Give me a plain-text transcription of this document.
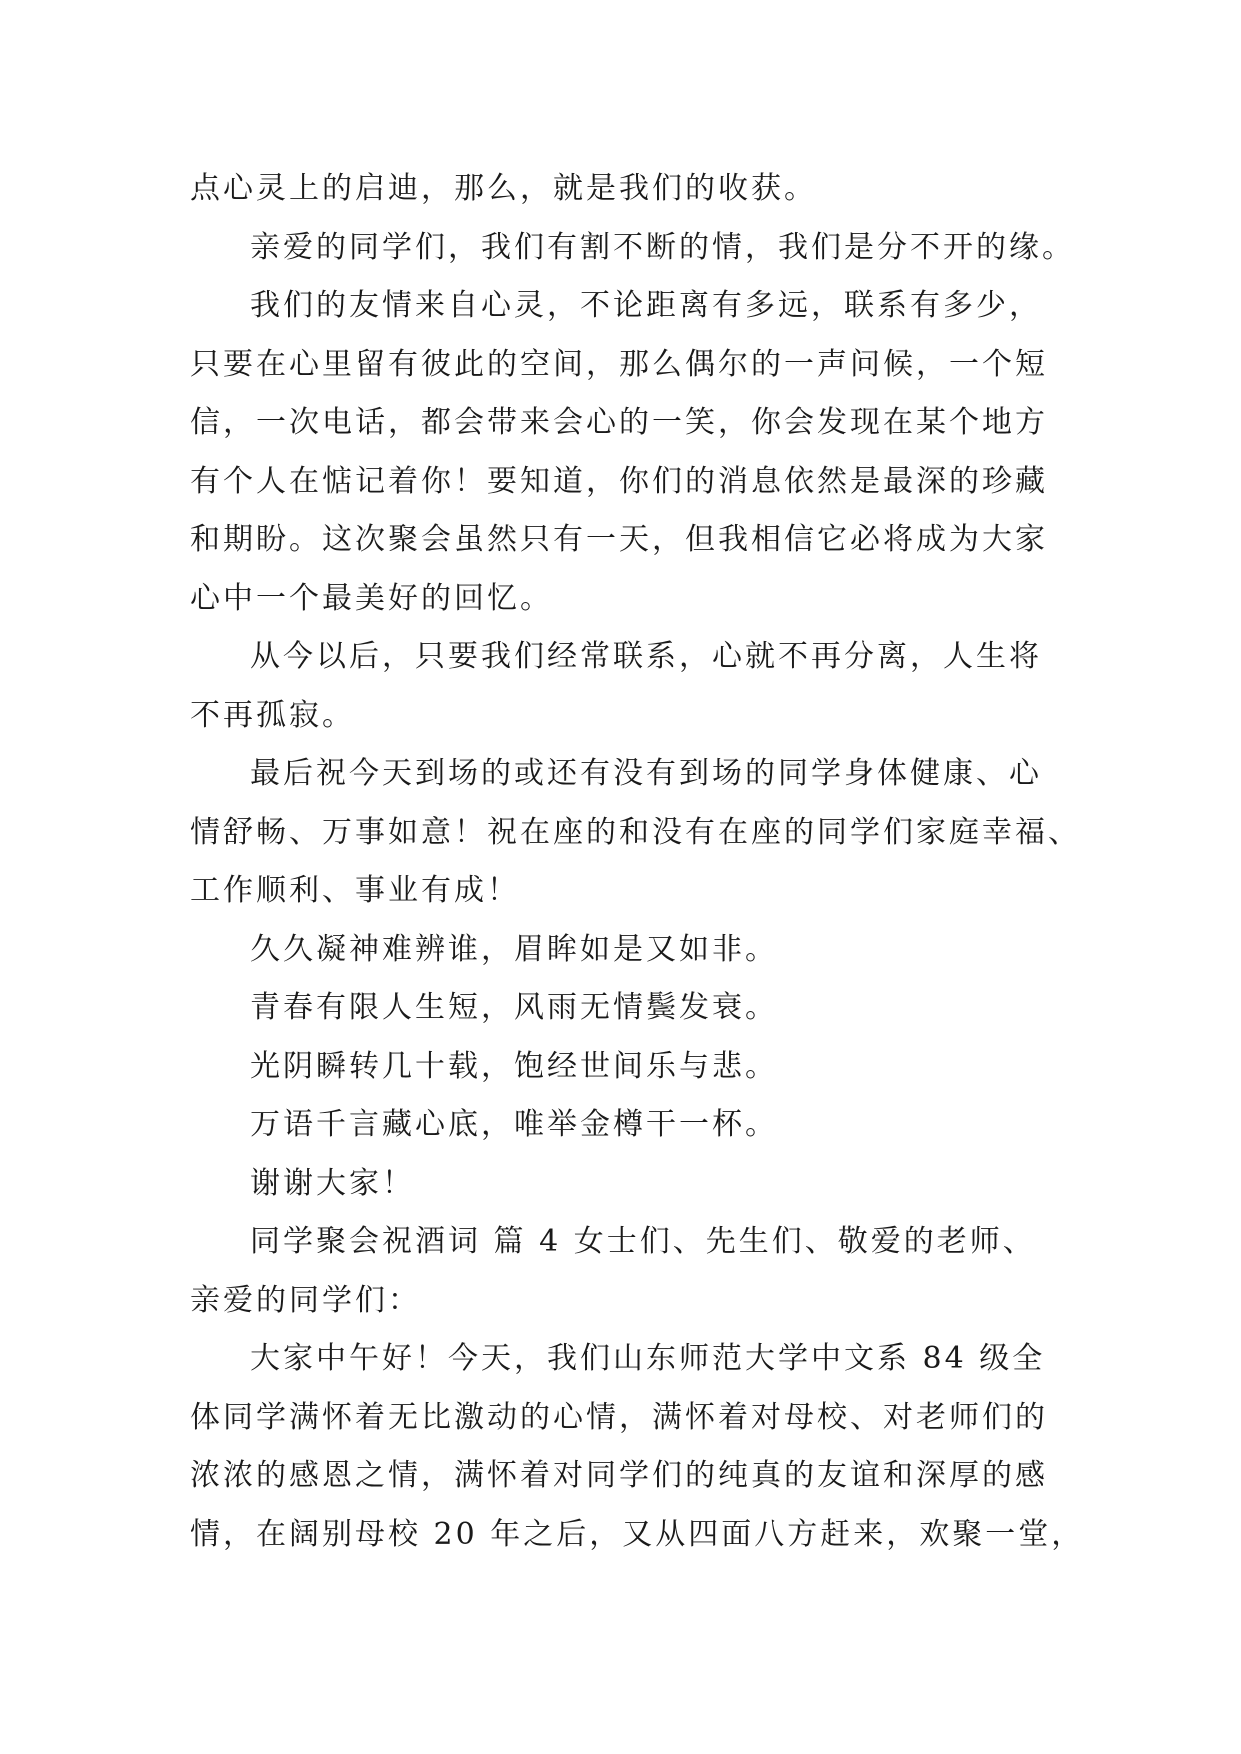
点心灵上的启迪，那么，就是我们的收获。

亲爱的同学们，我们有割不断的情，我们是分不开的缘。

我们的友情来自心灵，不论距离有多远，联系有多少，

只要在心里留有彼此的空间，那么偶尔的一声问候，一个短
信，一次电话，都会带来会心的一笑，你会发现在某个地方
有个人在惦记着你！要知道，你们的消息依然是最深的珍藏
和期盼。这次聚会虽然只有一天，但我相信它必将成为大家
心中一个最美好的回忆。

从今以后，只要我们经常联系，心就不再分离，人生将

不再孤寂。

最后祝今天到场的或还有没有到场的同学身体健康、心

情舒畅、万事如意！祝在座的和没有在座的同学们家庭幸福、
工作顺利、事业有成！

久久凝神难辨谁，眉眸如是又如非。

青春有限人生短，风雨无情鬓发衰。

光阴瞬转几十载，饱经世间乐与悲。

万语千言藏心底，唯举金樽干一杯。

谢谢大家！

同学聚会祝酒词 篇 4 女士们、先生们、敬爱的老师、

亲爱的同学们：

大家中午好！今天，我们山东师范大学中文系 84 级全

体同学满怀着无比激动的心情，满怀着对母校、对老师们的
浓浓的感恩之情，满怀着对同学们的纯真的友谊和深厚的感
情，在阔别母校 20 年之后，又从四面八方赶来，欢聚一堂，
